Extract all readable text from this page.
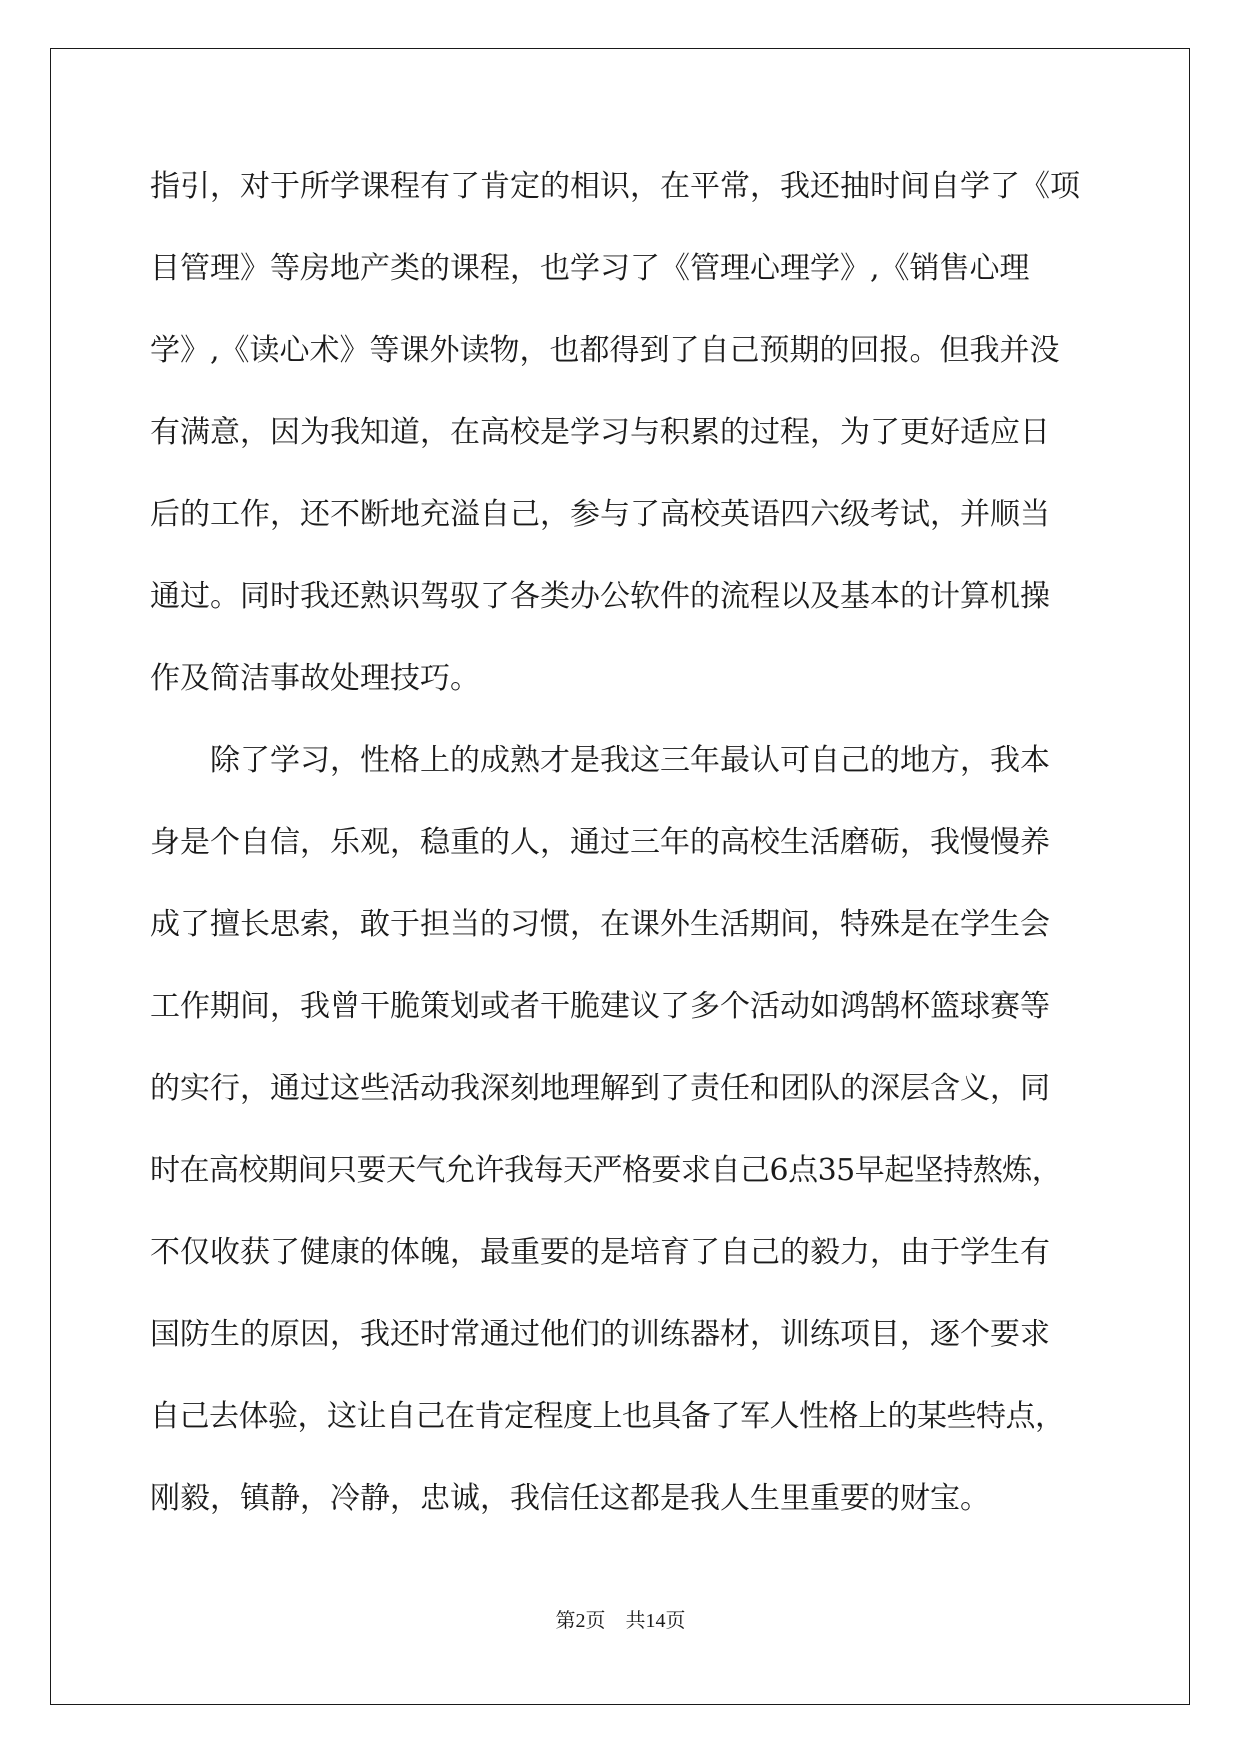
指引，对于所学课程有了肯定的相识，在平常，我还抽时间自学了《项
目管理》等房地产类的课程，也学习了《管理心理学》,《销售心理
学》,《读心术》等课外读物，也都得到了自己预期的回报。但我并没
有满意，因为我知道，在高校是学习与积累的过程，为了更好适应日
后的工作，还不断地充溢自己，参与了高校英语四六级考试，并顺当
通过。同时我还熟识驾驭了各类办公软件的流程以及基本的计算机操
作及简洁事故处理技巧。
除了学习，性格上的成熟才是我这三年最认可自己的地方，我本
身是个自信，乐观，稳重的人，通过三年的高校生活磨砺，我慢慢养
成了擅长思索，敢于担当的习惯，在课外生活期间，特殊是在学生会
工作期间，我曾干脆策划或者干脆建议了多个活动如鸿鹄杯篮球赛等
的实行，通过这些活动我深刻地理解到了责任和团队的深层含义，同
时在高校期间只要天气允许我每天严格要求自己6点35早起坚持熬炼，
不仅收获了健康的体魄，最重要的是培育了自己的毅力，由于学生有
国防生的原因，我还时常通过他们的训练器材，训练项目，逐个要求
自己去体验，这让自己在肯定程度上也具备了军人性格上的某些特点，
刚毅，镇静，冷静，忠诚，我信任这都是我人生里重要的财宝。
第2页 共14页
